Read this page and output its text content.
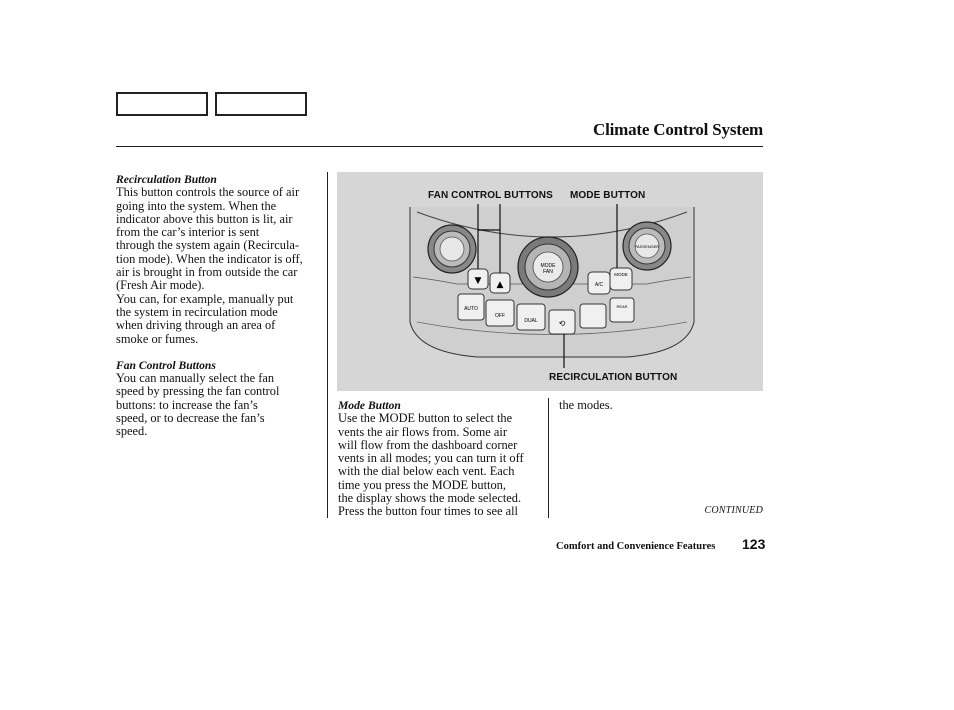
Climate Control System
Recirculation Button
This button controls the source of air
going into the system. When the
indicator above this button is lit, air
from the car’s interior is sent
through the system again (Recircula-
tion mode). When the indicator is off,
air is brought in from outside the car
(Fresh Air mode).
You can, for example, manually put
the system in recirculation mode
when driving through an area of
smoke or fumes.
Fan Control Buttons
You can manually select the fan
speed by pressing the fan control
buttons: to increase the fan’s
speed, or to decrease the fan’s
speed.
FAN CONTROL BUTTONS MODE BUTTON
RECIRCULATION BUTTON
MODE
FAN
PASSENGER
▼ ▲	A/C
MODE
AUTO
OFF
DUAL	⟲
REAR
Mode Button
Use the MODE button to select the
vents the air flows from. Some air
will flow from the dashboard corner
vents in all modes; you can turn it off
with the dial below each vent. Each
time you press the MODE button,
the display shows the mode selected.
Press the button four times to see all
the modes.
CONTINUED
Comfort and Convenience Features 123
